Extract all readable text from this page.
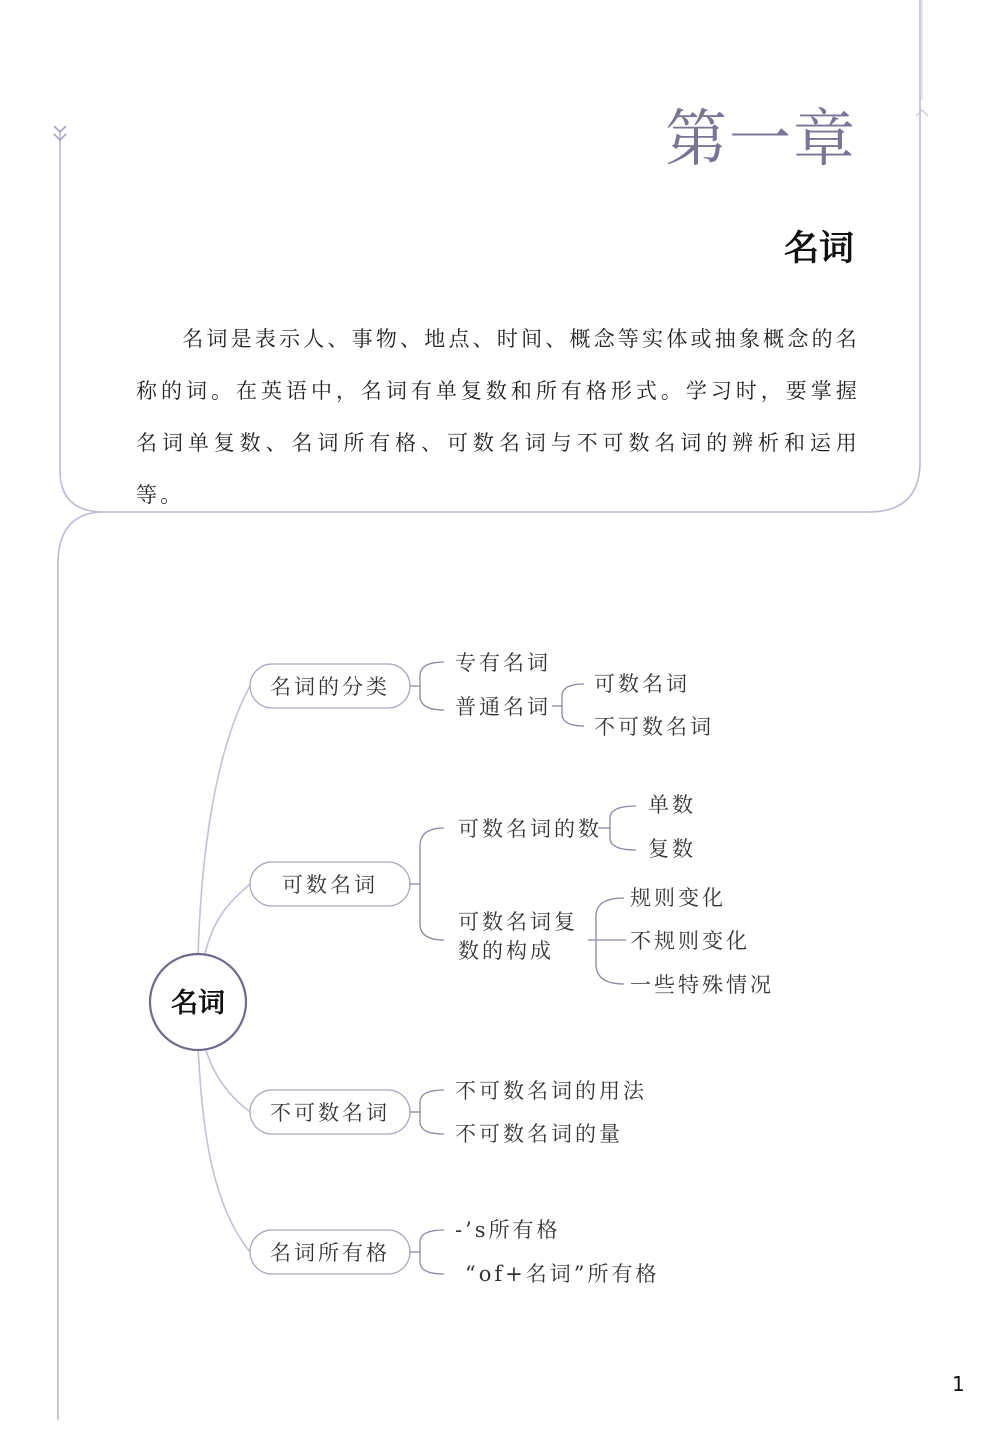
第一章
名词

名词是表示人、事物、地点、时间、概念等实体或抽象概念的名称的词。在英语中，名词有单复数和所有格形式。学习时，要掌握名词单复数、名词所有格、可数名词与不可数名词的辨析和运用等。

名词
名词的分类
可数名词
不可数名词
名词所有格
专有名词
普通名词
可数名词
不可数名词
可数名词的数
单数
复数
可数名词复
数的构成
规则变化
不规则变化
一些特殊情况
不可数名词的用法
不可数名词的量
-’s所有格
“of+名词”所有格
1
